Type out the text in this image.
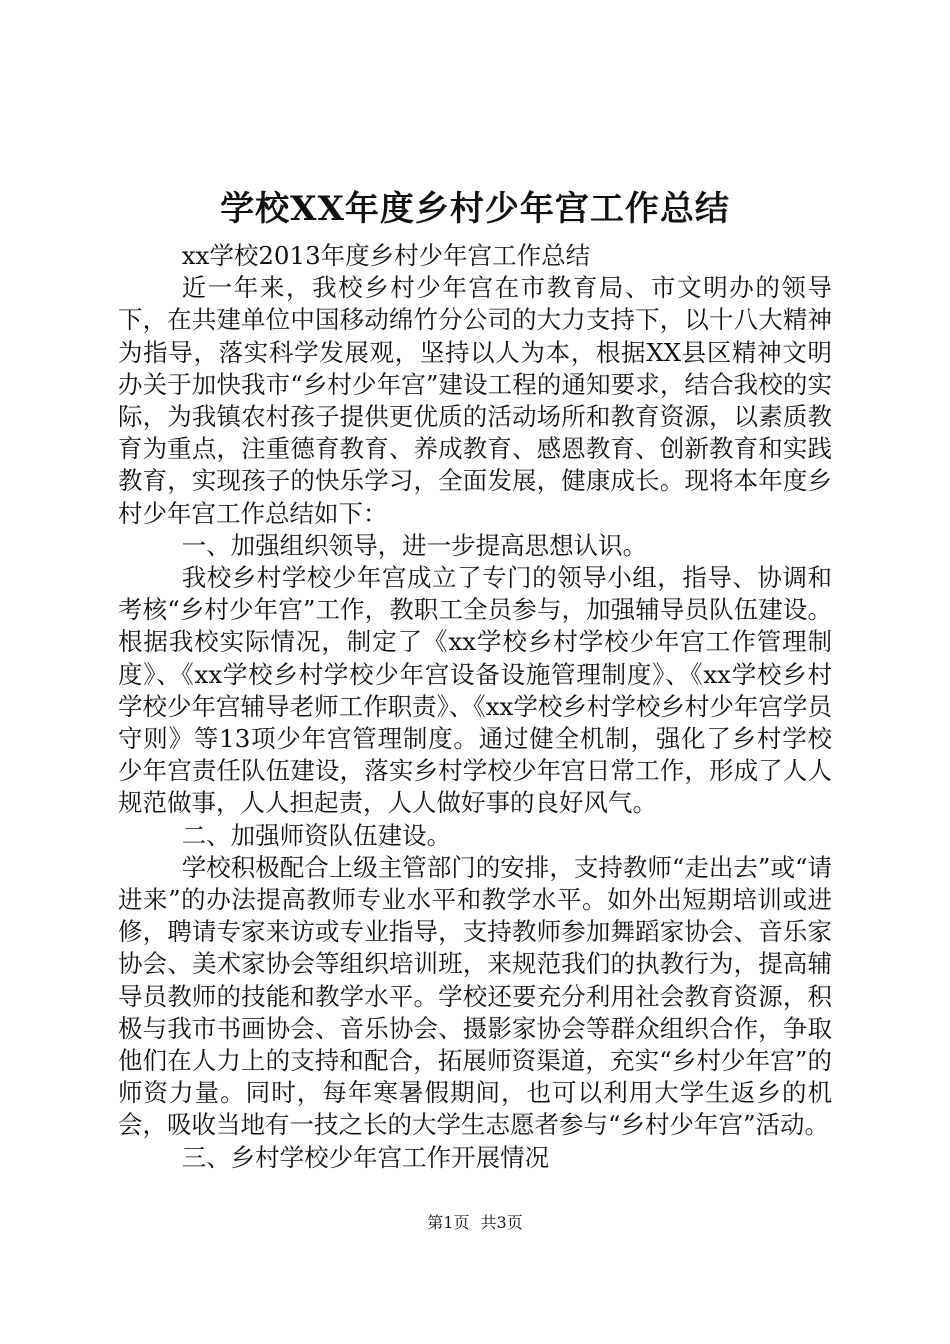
学校XX年度乡村少年宫工作总结

xx学校2013年度乡村少年宫工作总结

近一年来，我校乡村少年宫在市教育局、市文明办的领导下，在共建单位中国移动绵竹分公司的大力支持下，以十八大精神为指导，落实科学发展观，坚持以人为本，根据XX县区精神文明办关于加快我市“乡村少年宫”建设工程的通知要求，结合我校的实际，为我镇农村孩子提供更优质的活动场所和教育资源，以素质教育为重点，注重德育教育、养成教育、感恩教育、创新教育和实践教育，实现孩子的快乐学习，全面发展，健康成长。现将本年度乡村少年宫工作总结如下：

一、加强组织领导，进一步提高思想认识。

我校乡村学校少年宫成立了专门的领导小组，指导、协调和考核“乡村少年宫”工作，教职工全员参与，加强辅导员队伍建设。根据我校实际情况，制定了《xx学校乡村学校少年宫工作管理制度》、《xx学校乡村学校少年宫设备设施管理制度》、《xx学校乡村学校少年宫辅导老师工作职责》、《xx学校乡村学校乡村少年宫学员守则》等13项少年宫管理制度。通过健全机制，强化了乡村学校少年宫责任队伍建设，落实乡村学校少年宫日常工作，形成了人人规范做事，人人担起责，人人做好事的良好风气。

二、加强师资队伍建设。

学校积极配合上级主管部门的安排，支持教师“走出去”或“请进来”的办法提高教师专业水平和教学水平。如外出短期培训或进修，聘请专家来访或专业指导，支持教师参加舞蹈家协会、音乐家协会、美术家协会等组织培训班，来规范我们的执教行为，提高辅导员教师的技能和教学水平。学校还要充分利用社会教育资源，积极与我市书画协会、音乐协会、摄影家协会等群众组织合作，争取他们在人力上的支持和配合，拓展师资渠道，充实“乡村少年宫”的师资力量。同时，每年寒暑假期间，也可以利用大学生返乡的机会，吸收当地有一技之长的大学生志愿者参与“乡村少年宫”活动。

三、乡村学校少年宫工作开展情况

第1页 共3页
